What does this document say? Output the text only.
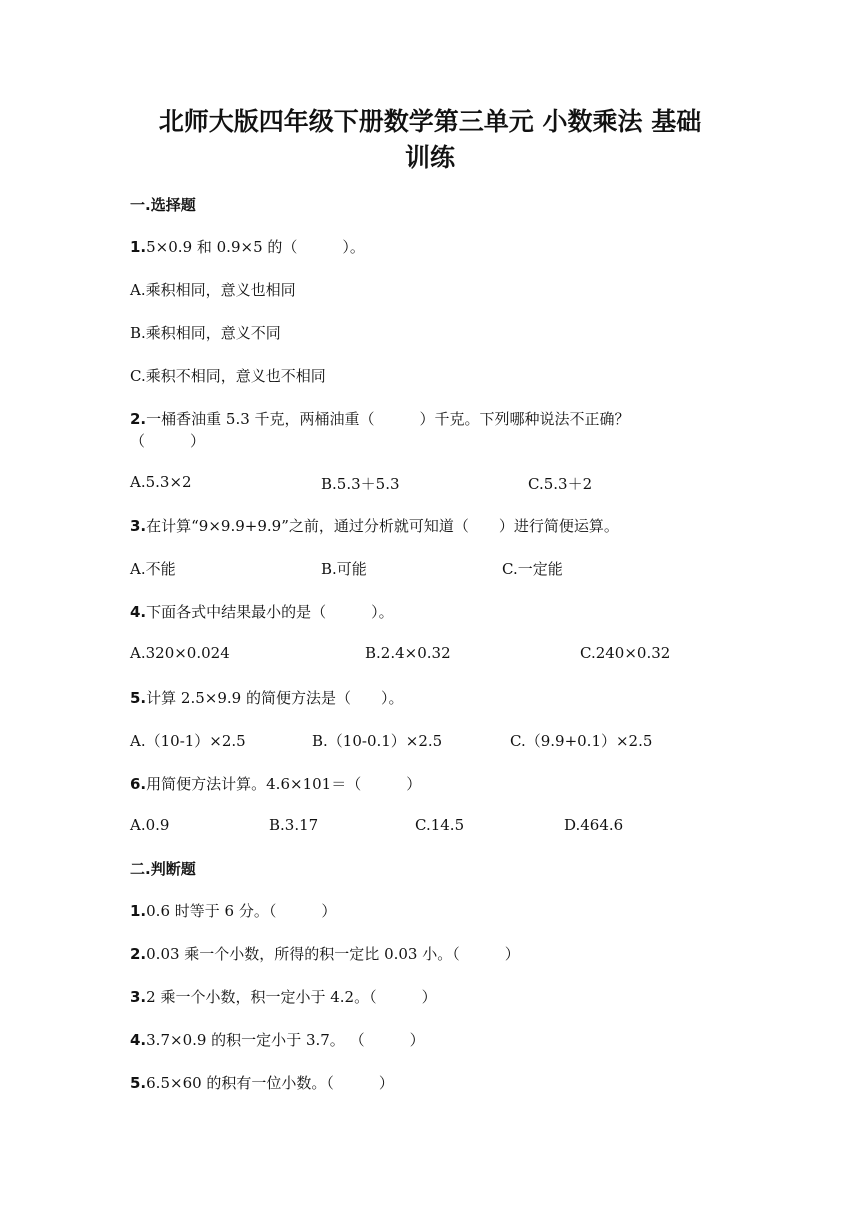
北师大版四年级下册数学第三单元 小数乘法 基础
训练
一.选择题
1.5×0.9 和 0.9×5 的（　　　）。
A.乘积相同，意义也相同
B.乘积相同，意义不同
C.乘积不相同，意义也不相同
2.一桶香油重 5.3 千克，两桶油重（　　　）千克。下列哪种说法不正确？
（　　　）
A.5.3×2	B.5.3＋5.3	C.5.3＋2
3.在计算“9×9.9+9.9”之前，通过分析就可知道（　　）进行简便运算。
A.不能	B.可能	C.一定能
4.下面各式中结果最小的是（　　　）。
A.320×0.024	B.2.4×0.32	C.240×0.32
5.计算 2.5×9.9 的简便方法是（　　）。
A.（10-1）×2.5	B.（10-0.1）×2.5	C.（9.9+0.1）×2.5
6.用简便方法计算。4.6×101＝（　　　）
A.0.9	B.3.17	C.14.5	D.464.6
二.判断题
1.0.6 时等于 6 分。（　　　）
2.0.03 乘一个小数，所得的积一定比 0.03 小。（　　　）
3.2 乘一个小数，积一定小于 4.2。（　　　）
4.3.7×0.9 的积一定小于 3.7。 （　　　）
5.6.5×60 的积有一位小数。（　　　）
